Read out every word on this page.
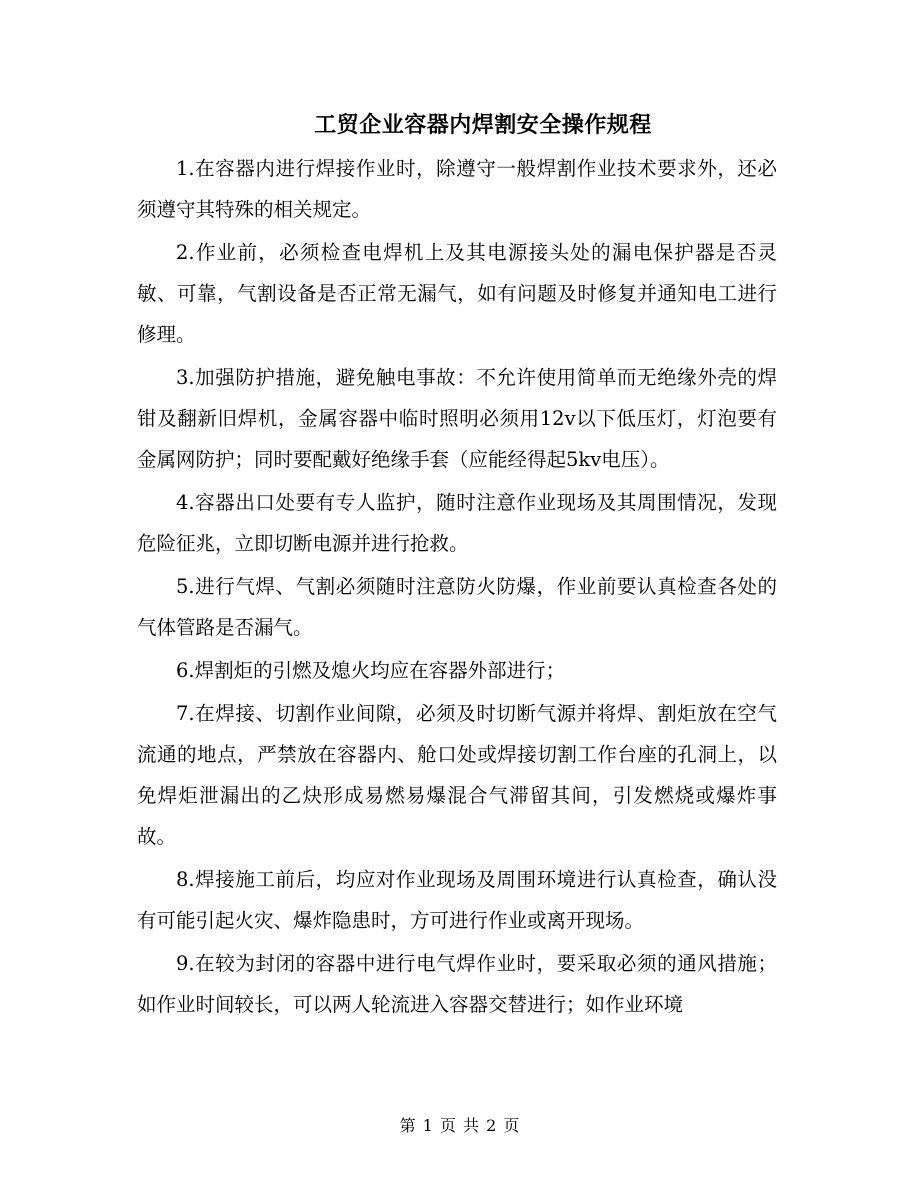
工贸企业容器内焊割安全操作规程

1.在容器内进行焊接作业时，除遵守一般焊割作业技术要求外，还必须遵守其特殊的相关规定。

2.作业前，必须检查电焊机上及其电源接头处的漏电保护器是否灵敏、可靠，气割设备是否正常无漏气，如有问题及时修复并通知电工进行修理。

3.加强防护措施，避免触电事故：不允许使用简单而无绝缘外壳的焊钳及翻新旧焊机，金属容器中临时照明必须用12v以下低压灯，灯泡要有金属网防护；同时要配戴好绝缘手套（应能经得起5kv电压）。

4.容器出口处要有专人监护，随时注意作业现场及其周围情况，发现危险征兆，立即切断电源并进行抢救。

5.进行气焊、气割必须随时注意防火防爆，作业前要认真检查各处的气体管路是否漏气。

6.焊割炬的引燃及熄火均应在容器外部进行；

7.在焊接、切割作业间隙，必须及时切断气源并将焊、割炬放在空气流通的地点，严禁放在容器内、舱口处或焊接切割工作台座的孔洞上，以免焊炬泄漏出的乙炔形成易燃易爆混合气滞留其间，引发燃烧或爆炸事故。

8.焊接施工前后，均应对作业现场及周围环境进行认真检查，确认没有可能引起火灾、爆炸隐患时，方可进行作业或离开现场。

9.在较为封闭的容器中进行电气焊作业时，要采取必须的通风措施；如作业时间较长，可以两人轮流进入容器交替进行；如作业环境

第 1 页 共 2 页
